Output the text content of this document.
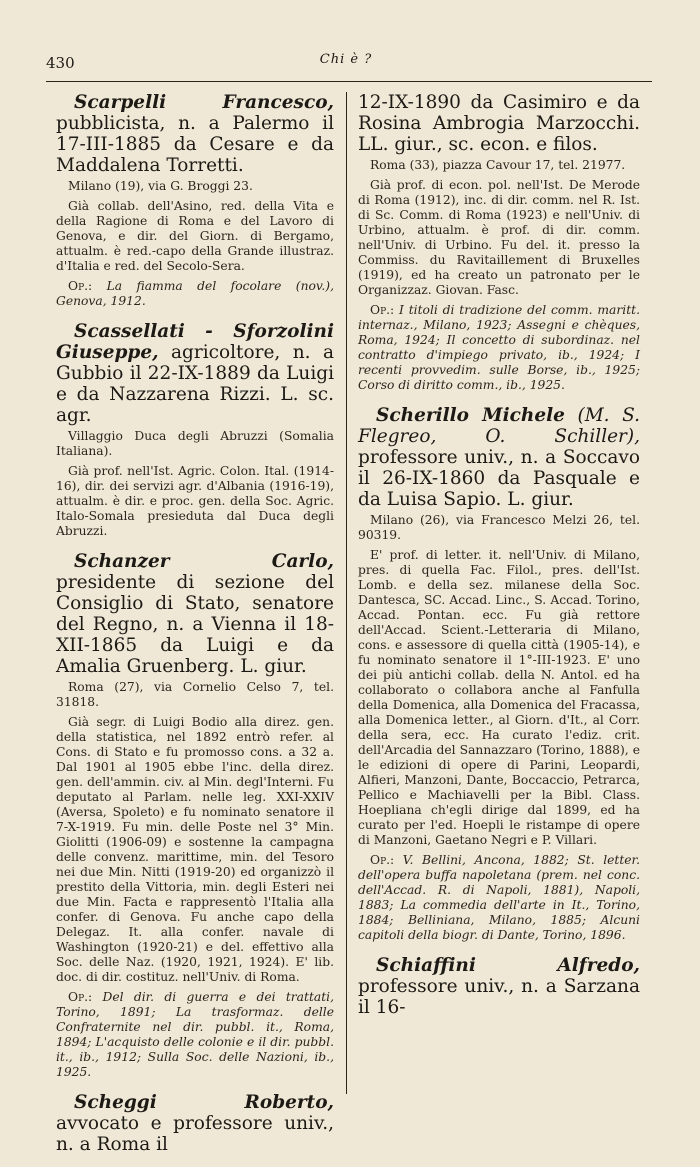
430	Chi è ?

Scarpelli Francesco, pubblicista, n. a Palermo il 17-III-1885 da Cesare e da Maddalena Torretti.

Milano (19), via G. Broggi 23.

Già collab. dell'Asino, red. della Vita e della Ragione di Roma e del Lavoro di Genova, e dir. del Giorn. di Bergamo, attualm. è red.-capo della Grande illustraz. d'Italia e red. del Secolo-Sera.

Op.: La fiamma del focolare (nov.), Genova, 1912.

Scassellati - Sforzolini Giuseppe, agricoltore, n. a Gubbio il 22-IX-1889 da Luigi e da Nazzarena Rizzi. L. sc. agr.

Villaggio Duca degli Abruzzi (Somalia Italiana).

Già prof. nell'Ist. Agric. Colon. Ital. (1914-16), dir. dei servizi agr. d'Albania (1916-19), attualm. è dir. e proc. gen. della Soc. Agric. Italo-Somala presieduta dal Duca degli Abruzzi.

Schanzer Carlo, presidente di sezione del Consiglio di Stato, senatore del Regno, n. a Vienna il 18-XII-1865 da Luigi e da Amalia Gruenberg. L. giur.

Roma (27), via Cornelio Celso 7, tel. 31818.

Già segr. di Luigi Bodio alla direz. gen. della statistica, nel 1892 entrò refer. al Cons. di Stato e fu promosso cons. a 32 a. Dal 1901 al 1905 ebbe l'inc. della direz. gen. dell'ammin. civ. al Min. degl'Interni. Fu deputato al Parlam. nelle leg. XXI-XXIV (Aversa, Spoleto) e fu nominato senatore il 7-X-1919. Fu min. delle Poste nel 3° Min. Giolitti (1906-09) e sostenne la campagna delle convenz. marittime, min. del Tesoro nei due Min. Nitti (1919-20) ed organizzò il prestito della Vittoria, min. degli Esteri nei due Min. Facta e rappresentò l'Italia alla confer. di Genova. Fu anche capo della Delegaz. It. alla confer. navale di Washington (1920-21) e del. effettivo alla Soc. delle Naz. (1920, 1921, 1924). E' lib. doc. di dir. costituz. nell'Univ. di Roma.

Op.: Del dir. di guerra e dei trattati, Torino, 1891; La trasformaz. delle Confraternite nel dir. pubbl. it., Roma, 1894; L'acquisto delle colonie e il dir. pubbl. it., ib., 1912; Sulla Soc. delle Nazioni, ib., 1925.

Scheggi Roberto, avvocato e professore univ., n. a Roma il

12-IX-1890 da Casimiro e da Rosina Ambrogia Marzocchi. LL. giur., sc. econ. e filos.

Roma (33), piazza Cavour 17, tel. 21977.

Già prof. di econ. pol. nell'Ist. De Merode di Roma (1912), inc. di dir. comm. nel R. Ist. di Sc. Comm. di Roma (1923) e nell'Univ. di Urbino, attualm. è prof. di dir. comm. nell'Univ. di Urbino. Fu del. it. presso la Commiss. du Ravitaillement di Bruxelles (1919), ed ha creato un patronato per le Organizzaz. Giovan. Fasc.

Op.: I titoli di tradizione del comm. maritt. internaz., Milano, 1923; Assegni e chèques, Roma, 1924; Il concetto di subordinaz. nel contratto d'impiego privato, ib., 1924; I recenti provvedim. sulle Borse, ib., 1925; Corso di diritto comm., ib., 1925.

Scherillo Michele (M. S. Flegreo, O. Schiller), professore univ., n. a Soccavo il 26-IX-1860 da Pasquale e da Luisa Sapio. L. giur.

Milano (26), via Francesco Melzi 26, tel. 90319.

E' prof. di letter. it. nell'Univ. di Milano, pres. di quella Fac. Filol., pres. dell'Ist. Lomb. e della sez. milanese della Soc. Dantesca, SC. Accad. Linc., S. Accad. Torino, Accad. Pontan. ecc. Fu già rettore dell'Accad. Scient.-Letteraria di Milano, cons. e assessore di quella città (1905-14), e fu nominato senatore il 1°-III-1923. E' uno dei più antichi collab. della N. Antol. ed ha collaborato o collabora anche al Fanfulla della Domenica, alla Domenica del Fracassa, alla Domenica letter., al Giorn. d'It., al Corr. della sera, ecc. Ha curato l'ediz. crit. dell'Arcadia del Sannazzaro (Torino, 1888), e le edizioni di opere di Parini, Leopardi, Alfieri, Manzoni, Dante, Boccaccio, Petrarca, Pellico e Machiavelli per la Bibl. Class. Hoepliana ch'egli dirige dal 1899, ed ha curato per l'ed. Hoepli le ristampe di opere di Manzoni, Gaetano Negri e P. Villari.

Op.: V. Bellini, Ancona, 1882; St. letter. dell'opera buffa napoletana (prem. nel conc. dell'Accad. R. di Napoli, 1881), Napoli, 1883; La commedia dell'arte in It., Torino, 1884; Belliniana, Milano, 1885; Alcuni capitoli della biogr. di Dante, Torino, 1896.

Schiaffini Alfredo, professore univ., n. a Sarzana il 16-
